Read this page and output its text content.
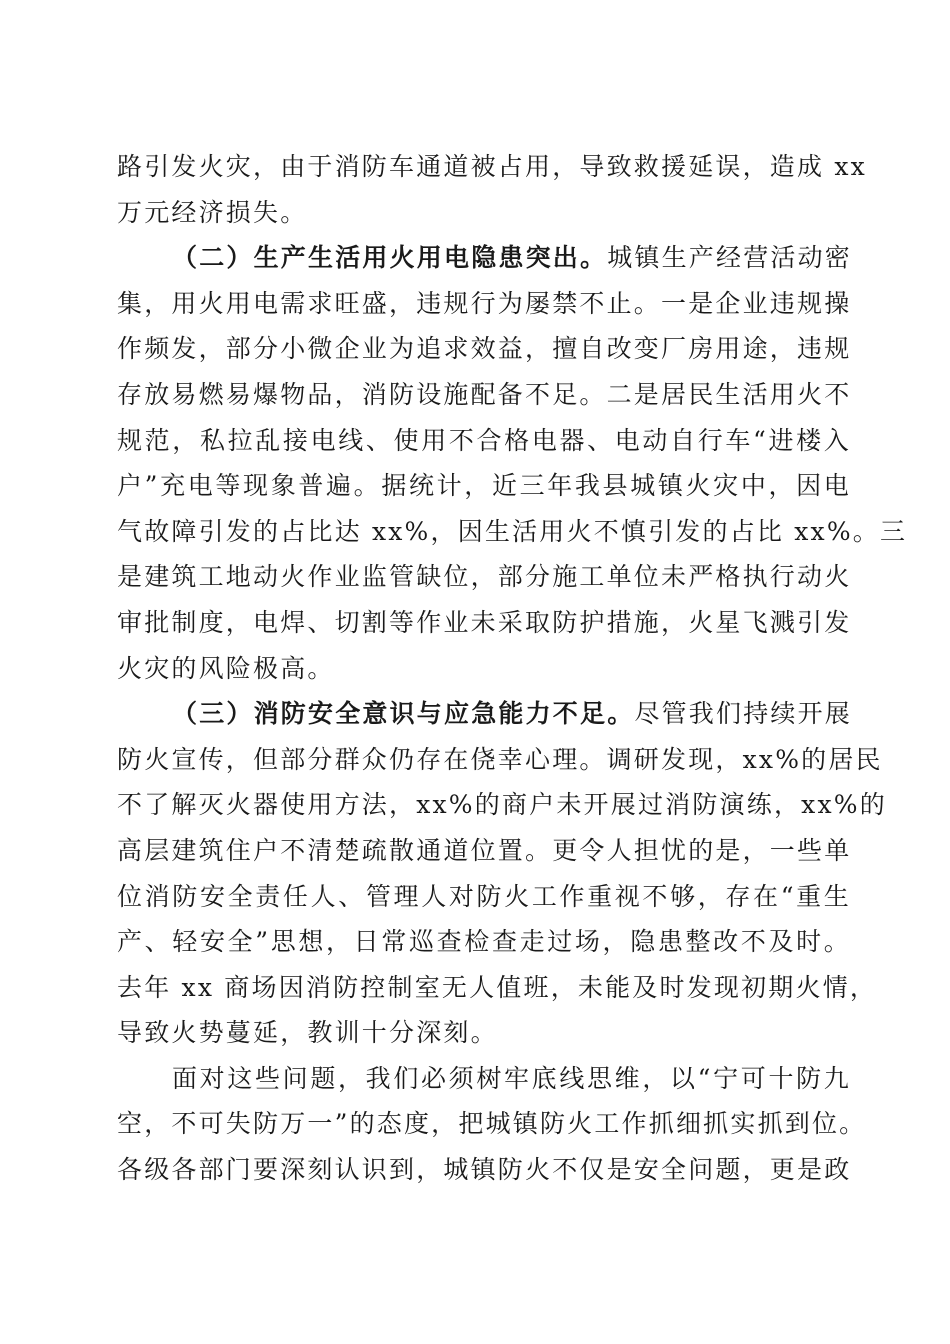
路引发火灾，由于消防车通道被占用，导致救援延误，造成 xx
万元经济损失。
（二）生产生活用火用电隐患突出。城镇生产经营活动密
集，用火用电需求旺盛，违规行为屡禁不止。一是企业违规操
作频发，部分小微企业为追求效益，擅自改变厂房用途，违规
存放易燃易爆物品，消防设施配备不足。二是居民生活用火不
规范，私拉乱接电线、使用不合格电器、电动自行车“进楼入
户”充电等现象普遍。据统计，近三年我县城镇火灾中，因电
气故障引发的占比达 xx%，因生活用火不慎引发的占比 xx%。三
是建筑工地动火作业监管缺位，部分施工单位未严格执行动火
审批制度，电焊、切割等作业未采取防护措施，火星飞溅引发
火灾的风险极高。
（三）消防安全意识与应急能力不足。尽管我们持续开展
防火宣传，但部分群众仍存在侥幸心理。调研发现，xx%的居民
不了解灭火器使用方法，xx%的商户未开展过消防演练，xx%的
高层建筑住户不清楚疏散通道位置。更令人担忧的是，一些单
位消防安全责任人、管理人对防火工作重视不够，存在“重生
产、轻安全”思想，日常巡查检查走过场，隐患整改不及时。
去年 xx 商场因消防控制室无人值班，未能及时发现初期火情，
导致火势蔓延，教训十分深刻。
面对这些问题，我们必须树牢底线思维，以“宁可十防九
空，不可失防万一”的态度，把城镇防火工作抓细抓实抓到位。
各级各部门要深刻认识到，城镇防火不仅是安全问题，更是政
